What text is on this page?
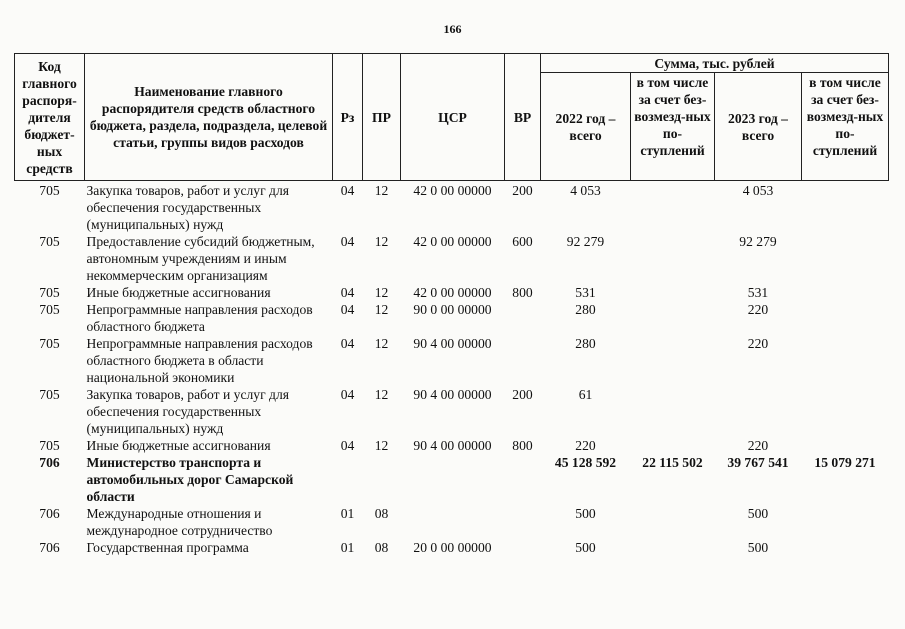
166
Код главного распоря-дителя бюджет-ных средств	Наименование главного распорядителя средств областного бюджета, раздела, подраздела, целевой статьи, группы видов расходов	Рз	ПР	ЦСР	ВР	Сумма, тыс. рублей			
						2022 год – всего	в том числе за счет без-возмезд-ных по-ступлений	2023 год – всего	в том числе за счет без-возмезд-ных по-ступлений
705	Закупка товаров, работ и услуг для обеспечения государственных (муниципальных) нужд	04	12	42 0 00 00000	200	4 053		4 053	
705	Предоставление субсидий бюджетным, автономным учреждениям и иным некоммерческим организациям	04	12	42 0 00 00000	600	92 279		92 279	
705	Иные бюджетные ассигнования	04	12	42 0 00 00000	800	531		531	
705	Непрограммные направления расходов областного бюджета	04	12	90 0 00 00000		280		220	
705	Непрограммные направления расходов областного бюджета в области национальной экономики	04	12	90 4 00 00000		280		220	
705	Закупка товаров, работ и услуг для обеспечения государственных (муниципальных) нужд	04	12	90 4 00 00000	200	61			
705	Иные бюджетные ассигнования	04	12	90 4 00 00000	800	220		220	
706	Министерство транспорта и автомобильных дорог Самарской области					45 128 592	22 115 502	39 767 541	15 079 271
706	Международные отношения и международное сотрудничество	01	08			500		500	
706	Государственная программа	01	08	20 0 00 00000		500		500	
